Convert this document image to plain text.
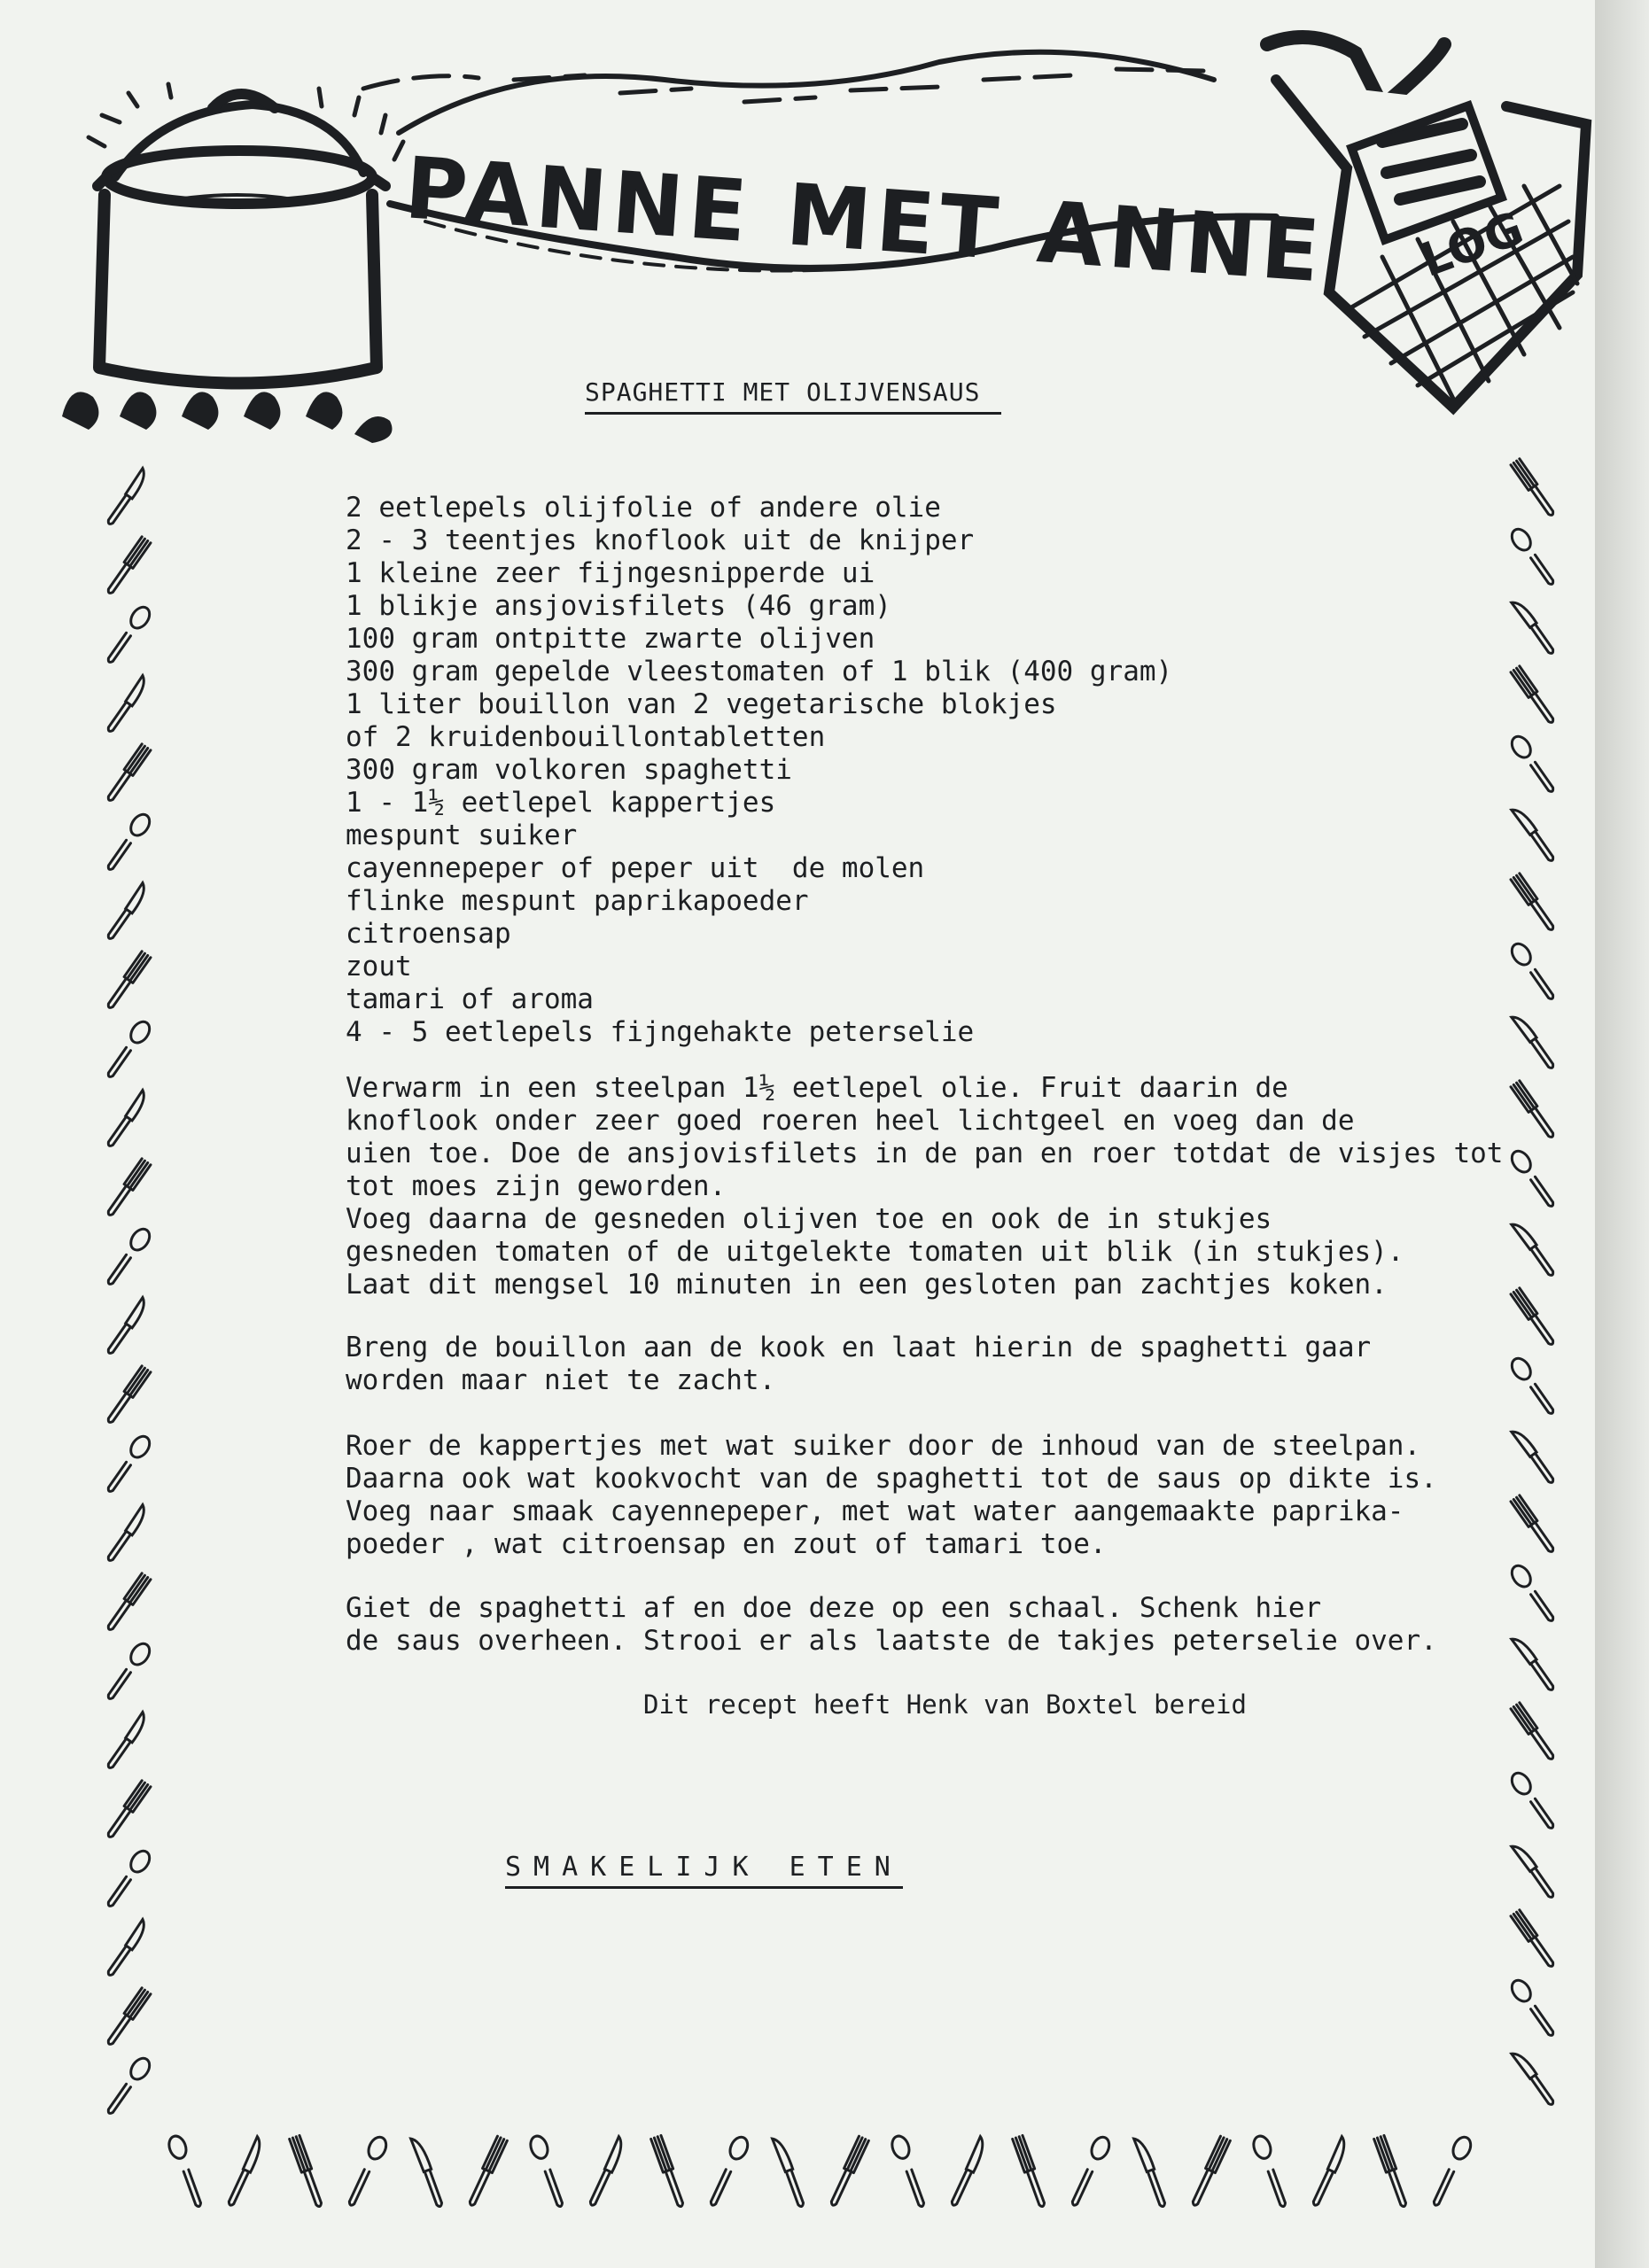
PANNE MET ANNE LOG
SPAGHETTI MET OLIJVENSAUS
2 eetlepels olijfolie of andere olie
2 - 3 teentjes knoflook uit de knijper
1 kleine zeer fijngesnipperde ui
1 blikje ansjovisfilets (46 gram)
100 gram ontpitte zwarte olijven
300 gram gepelde vleestomaten of 1 blik (400 gram)
1 liter bouillon van 2 vegetarische blokjes
of 2 kruidenbouillontabletten
300 gram volkoren spaghetti
1 - 1½ eetlepel kappertjes
mespunt suiker
cayennepeper of peper uit  de molen
flinke mespunt paprikapoeder
citroensap
zout
tamari of aroma
4 - 5 eetlepels fijngehakte peterselie

Verwarm in een steelpan 1½ eetlepel olie. Fruit daarin de
knoflook onder zeer goed roeren heel lichtgeel en voeg dan de
uien toe. Doe de ansjovisfilets in de pan en roer totdat de visjes tot
tot moes zijn geworden.
Voeg daarna de gesneden olijven toe en ook de in stukjes
gesneden tomaten of de uitgelekte tomaten uit blik (in stukjes).
Laat dit mengsel 10 minuten in een gesloten pan zachtjes koken.

Breng de bouillon aan de kook en laat hierin de spaghetti gaar
worden maar niet te zacht.

Roer de kappertjes met wat suiker door de inhoud van de steelpan.
Daarna ook wat kookvocht van de spaghetti tot de saus op dikte is.
Voeg naar smaak cayennepeper, met wat water aangemaakte paprika-
poeder , wat citroensap en zout of tamari toe.

Giet de spaghetti af en doe deze op een schaal. Schenk hier
de saus overheen. Strooi er als laatste de takjes peterselie over.

Dit recept heeft Henk van Boxtel bereid
SMAKELIJK ETEN
